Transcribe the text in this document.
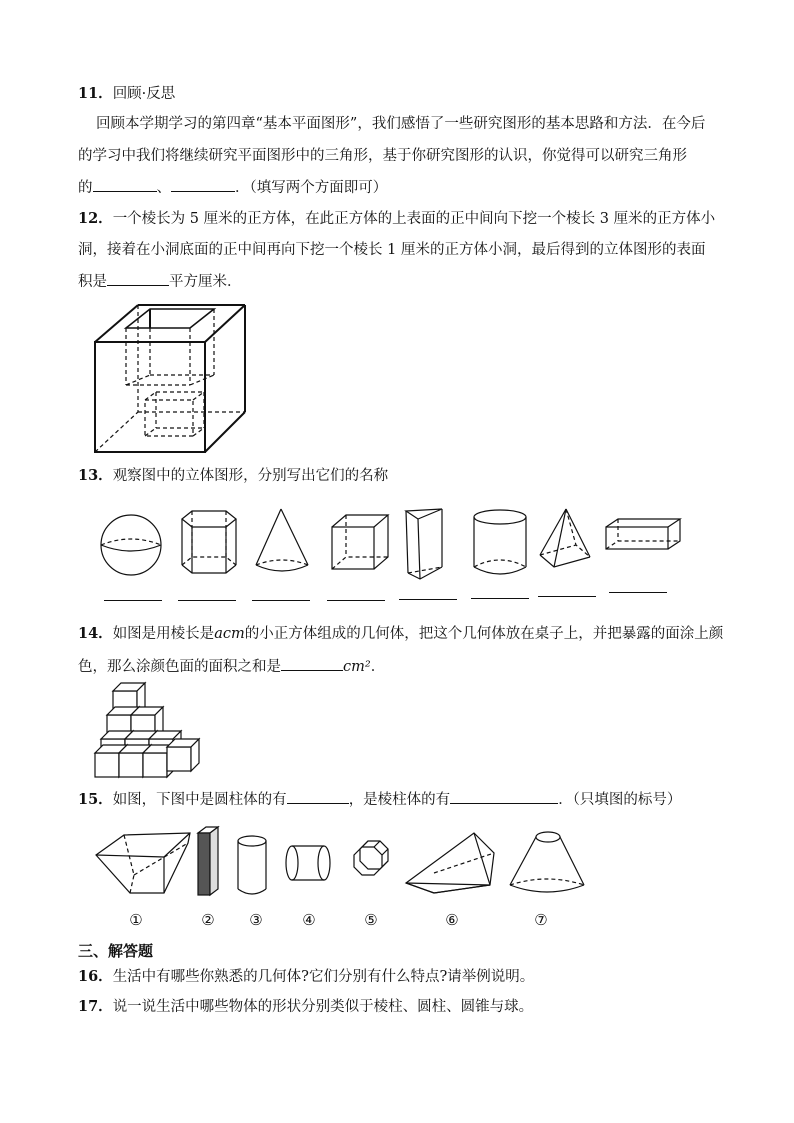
11．回顾·反思
回顾本学期学习的第四章“基本平面图形”，我们感悟了一些研究图形的基本思路和方法．在今后
的学习中我们将继续研究平面图形中的三角形，基于你研究图形的认识，你觉得可以研究三角形
的	、	．（填写两个方面即可）
12．一个棱长为 5 厘米的正方体，在此正方体的上表面的正中间向下挖一个棱长 3 厘米的正方体小
洞，接着在小洞底面的正中间再向下挖一个棱长 1 厘米的正方体小洞，最后得到的立体图形的表面
积是	平方厘米．
13．观察图中的立体图形，分别写出它们的名称
14．如图是用棱长是acm的小正方体组成的几何体，把这个几何体放在桌子上，并把暴露的面涂上颜
色，那么涂颜色面的面积之和是	cm²．
15．如图，下图中是圆柱体的有	，是棱柱体的有	．（只填图的标号）
①	②	③	④	⑤	⑥	⑦
三、解答题
16．生活中有哪些你熟悉的几何体?它们分别有什么特点?请举例说明。
17．说一说生活中哪些物体的形状分别类似于棱柱、圆柱、圆锥与球。
